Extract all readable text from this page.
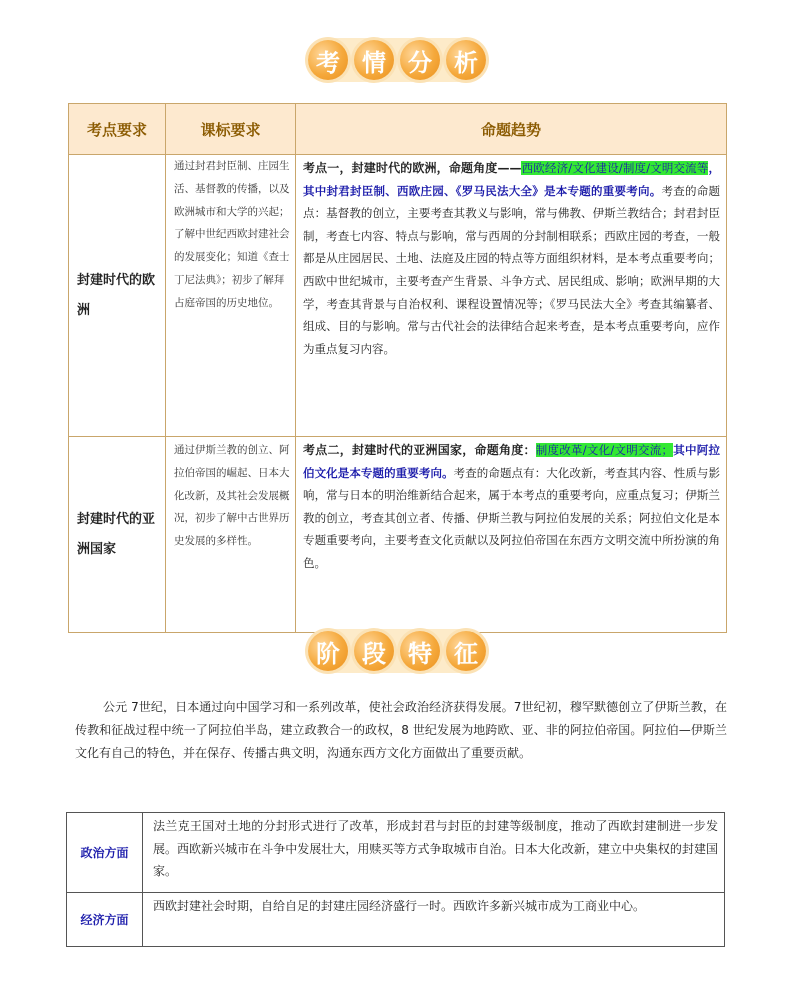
考 情 分 析
考点要求	课标要求	命题趋势
封建时代的欧洲	通过封君封臣制、庄园生活、基督教的传播，以及欧洲城市和大学的兴起；了解中世纪西欧封建社会的发展变化；知道《查士丁尼法典》；初步了解拜占庭帝国的历史地位。	考点一，封建时代的欧洲，命题角度——西欧经济/文化建设/制度/文明交流等，其中封君封臣制、西欧庄园、《罗马民法大全》是本专题的重要考向。考查的命题点：基督教的创立，主要考查其教义与影响，常与佛教、伊斯兰教结合；封君封臣制，考查七内容、特点与影响，常与西周的分封制相联系；西欧庄园的考查，一般都是从庄园居民、土地、法庭及庄园的特点等方面组织材料，是本考点重要考向；西欧中世纪城市，主要考查产生背景、斗争方式、居民组成、影响；欧洲早期的大学，考查其背景与自治权利、课程设置情况等；《罗马民法大全》考查其编纂者、组成、目的与影响。常与古代社会的法律结合起来考查，是本考点重要考向，应作为重点复习内容。
封建时代的亚洲国家	通过伊斯兰教的创立、阿拉伯帝国的崛起、日本大化改新，及其社会发展概况，初步了解中古世界历史发展的多样性。	考点二，封建时代的亚洲国家，命题角度：制度改革/文化/文明交流；其中阿拉伯文化是本专题的重要考向。考查的命题点有：大化改新，考查其内容、性质与影响，常与日本的明治维新结合起来，属于本考点的重要考向，应重点复习；伊斯兰教的创立，考查其创立者、传播、伊斯兰教与阿拉伯发展的关系；阿拉伯文化是本专题重要考向，主要考查文化贡献以及阿拉伯帝国在东西方文明交流中所扮演的角色。
阶 段 特 征
公元 7世纪，日本通过向中国学习和一系列改革，使社会政治经济获得发展。7世纪初，穆罕默德创立了伊斯兰教，在传教和征战过程中统一了阿拉伯半岛，建立政教合一的政权，8 世纪发展为地跨欧、亚、非的阿拉伯帝国。阿拉伯—伊斯兰文化有自己的特色，并在保存、传播古典文明，沟通东西方文化方面做出了重要贡献。
政治方面	法兰克王国对土地的分封形式进行了改革，形成封君与封臣的封建等级制度，推动了西欧封建制进一步发展。西欧新兴城市在斗争中发展壮大，用赎买等方式争取城市自治。日本大化改新，建立中央集权的封建国家。
经济方面	西欧封建社会时期，自给自足的封建庄园经济盛行一时。西欧许多新兴城市成为工商业中心。
